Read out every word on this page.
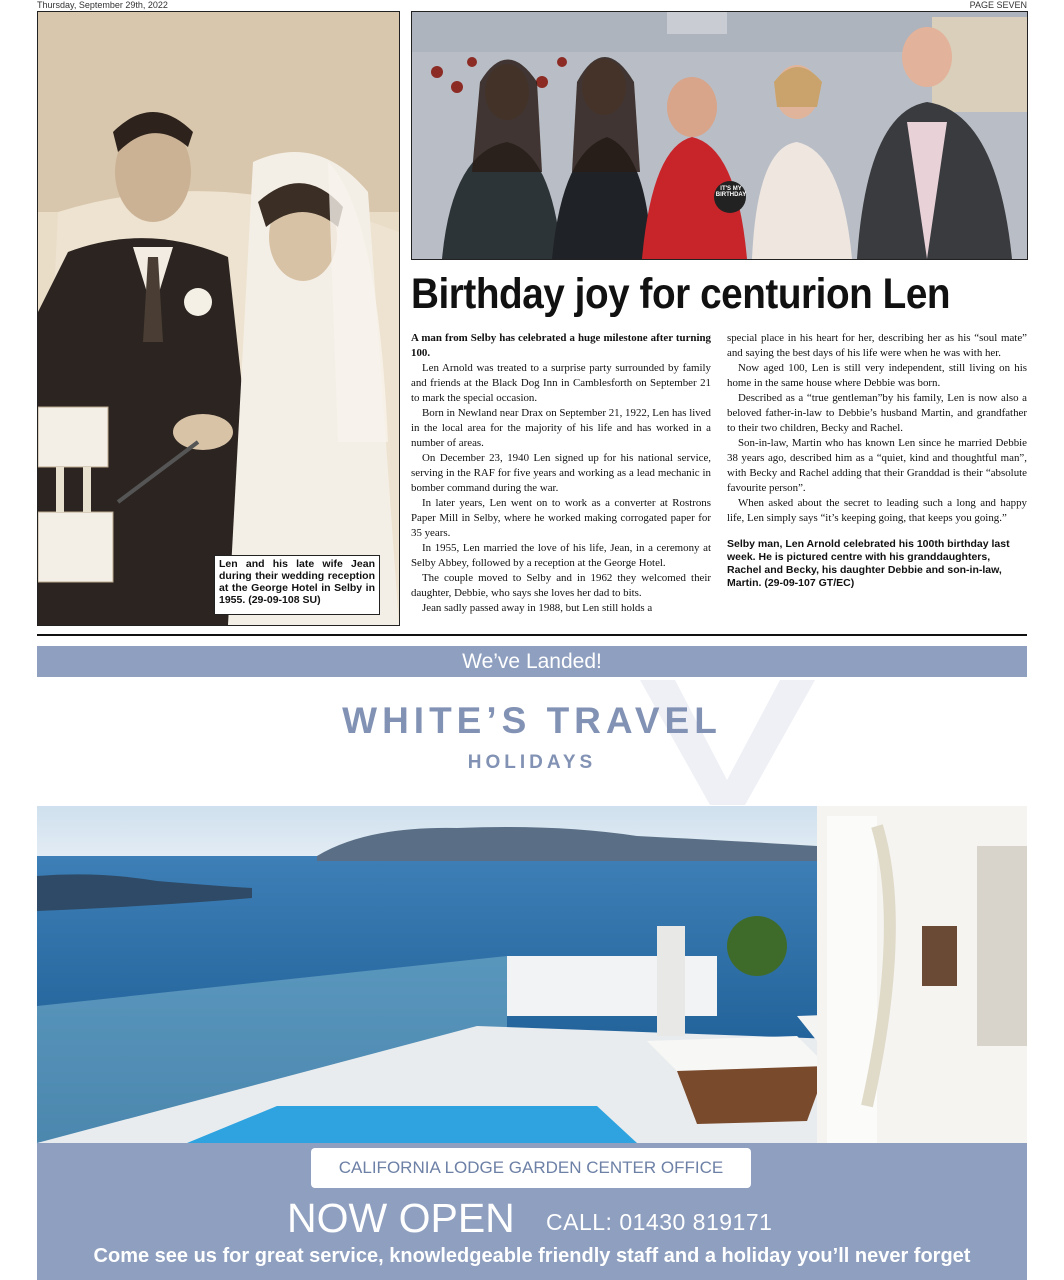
Thursday, September 29th, 2022	PAGE SEVEN
Len and his late wife Jean during their wedding reception at the George Hotel in Selby in 1955. (29-09-108 SU)
IT'S MY BIRTHDAY
Birthday joy for centurion Len

A man from Selby has celebrated a huge milestone after turning 100.

Len Arnold was treated to a surprise party surrounded by family and friends at the Black Dog Inn in Camblesforth on September 21 to mark the special occasion.

Born in Newland near Drax on September 21, 1922, Len has lived in the local area for the majority of his life and has worked in a number of areas.

On December 23, 1940 Len signed up for his national service, serving in the RAF for five years and working as a lead mechanic in bomber command during the war.

In later years, Len went on to work as a converter at Rostrons Paper Mill in Selby, where he worked making corrogated paper for 35 years.

In 1955, Len married the love of his life, Jean, in a ceremony at Selby Abbey, followed by a reception at the George Hotel.

The couple moved to Selby and in 1962 they welcomed their daughter, Debbie, who says she loves her dad to bits.

Jean sadly passed away in 1988, but Len still holds a

special place in his heart for her, describing her as his “soul mate” and saying the best days of his life were when he was with her.

Now aged 100, Len is still very independent, still living on his home in the same house where Debbie was born.

Described as a “true gentleman”by his family, Len is now also a beloved father-in-law to Debbie’s husband Martin, and grandfather to their two children, Becky and Rachel.

Son-in-law, Martin who has known Len since he married Debbie 38 years ago, described him as a “quiet, kind and thoughtful man”, with Becky and Rachel adding that their Granddad is their “absolute favourite person”.

When asked about the secret to leading such a long and happy life, Len simply says “it’s keeping going, that keeps you going.”

Selby man, Len Arnold celebrated his 100th birthday last week. He is pictured centre with his granddaughters, Rachel and Becky, his daughter Debbie and son-in-law, Martin. (29-09-107 GT/EC)

We’ve Landed!
WHITE’S TRAVEL
HOLIDAYS
CALIFORNIA LODGE GARDEN CENTER OFFICE
NOW OPEN CALL: 01430 819171
Come see us for great service, knowledgeable friendly staff and a holiday you’ll never forget
